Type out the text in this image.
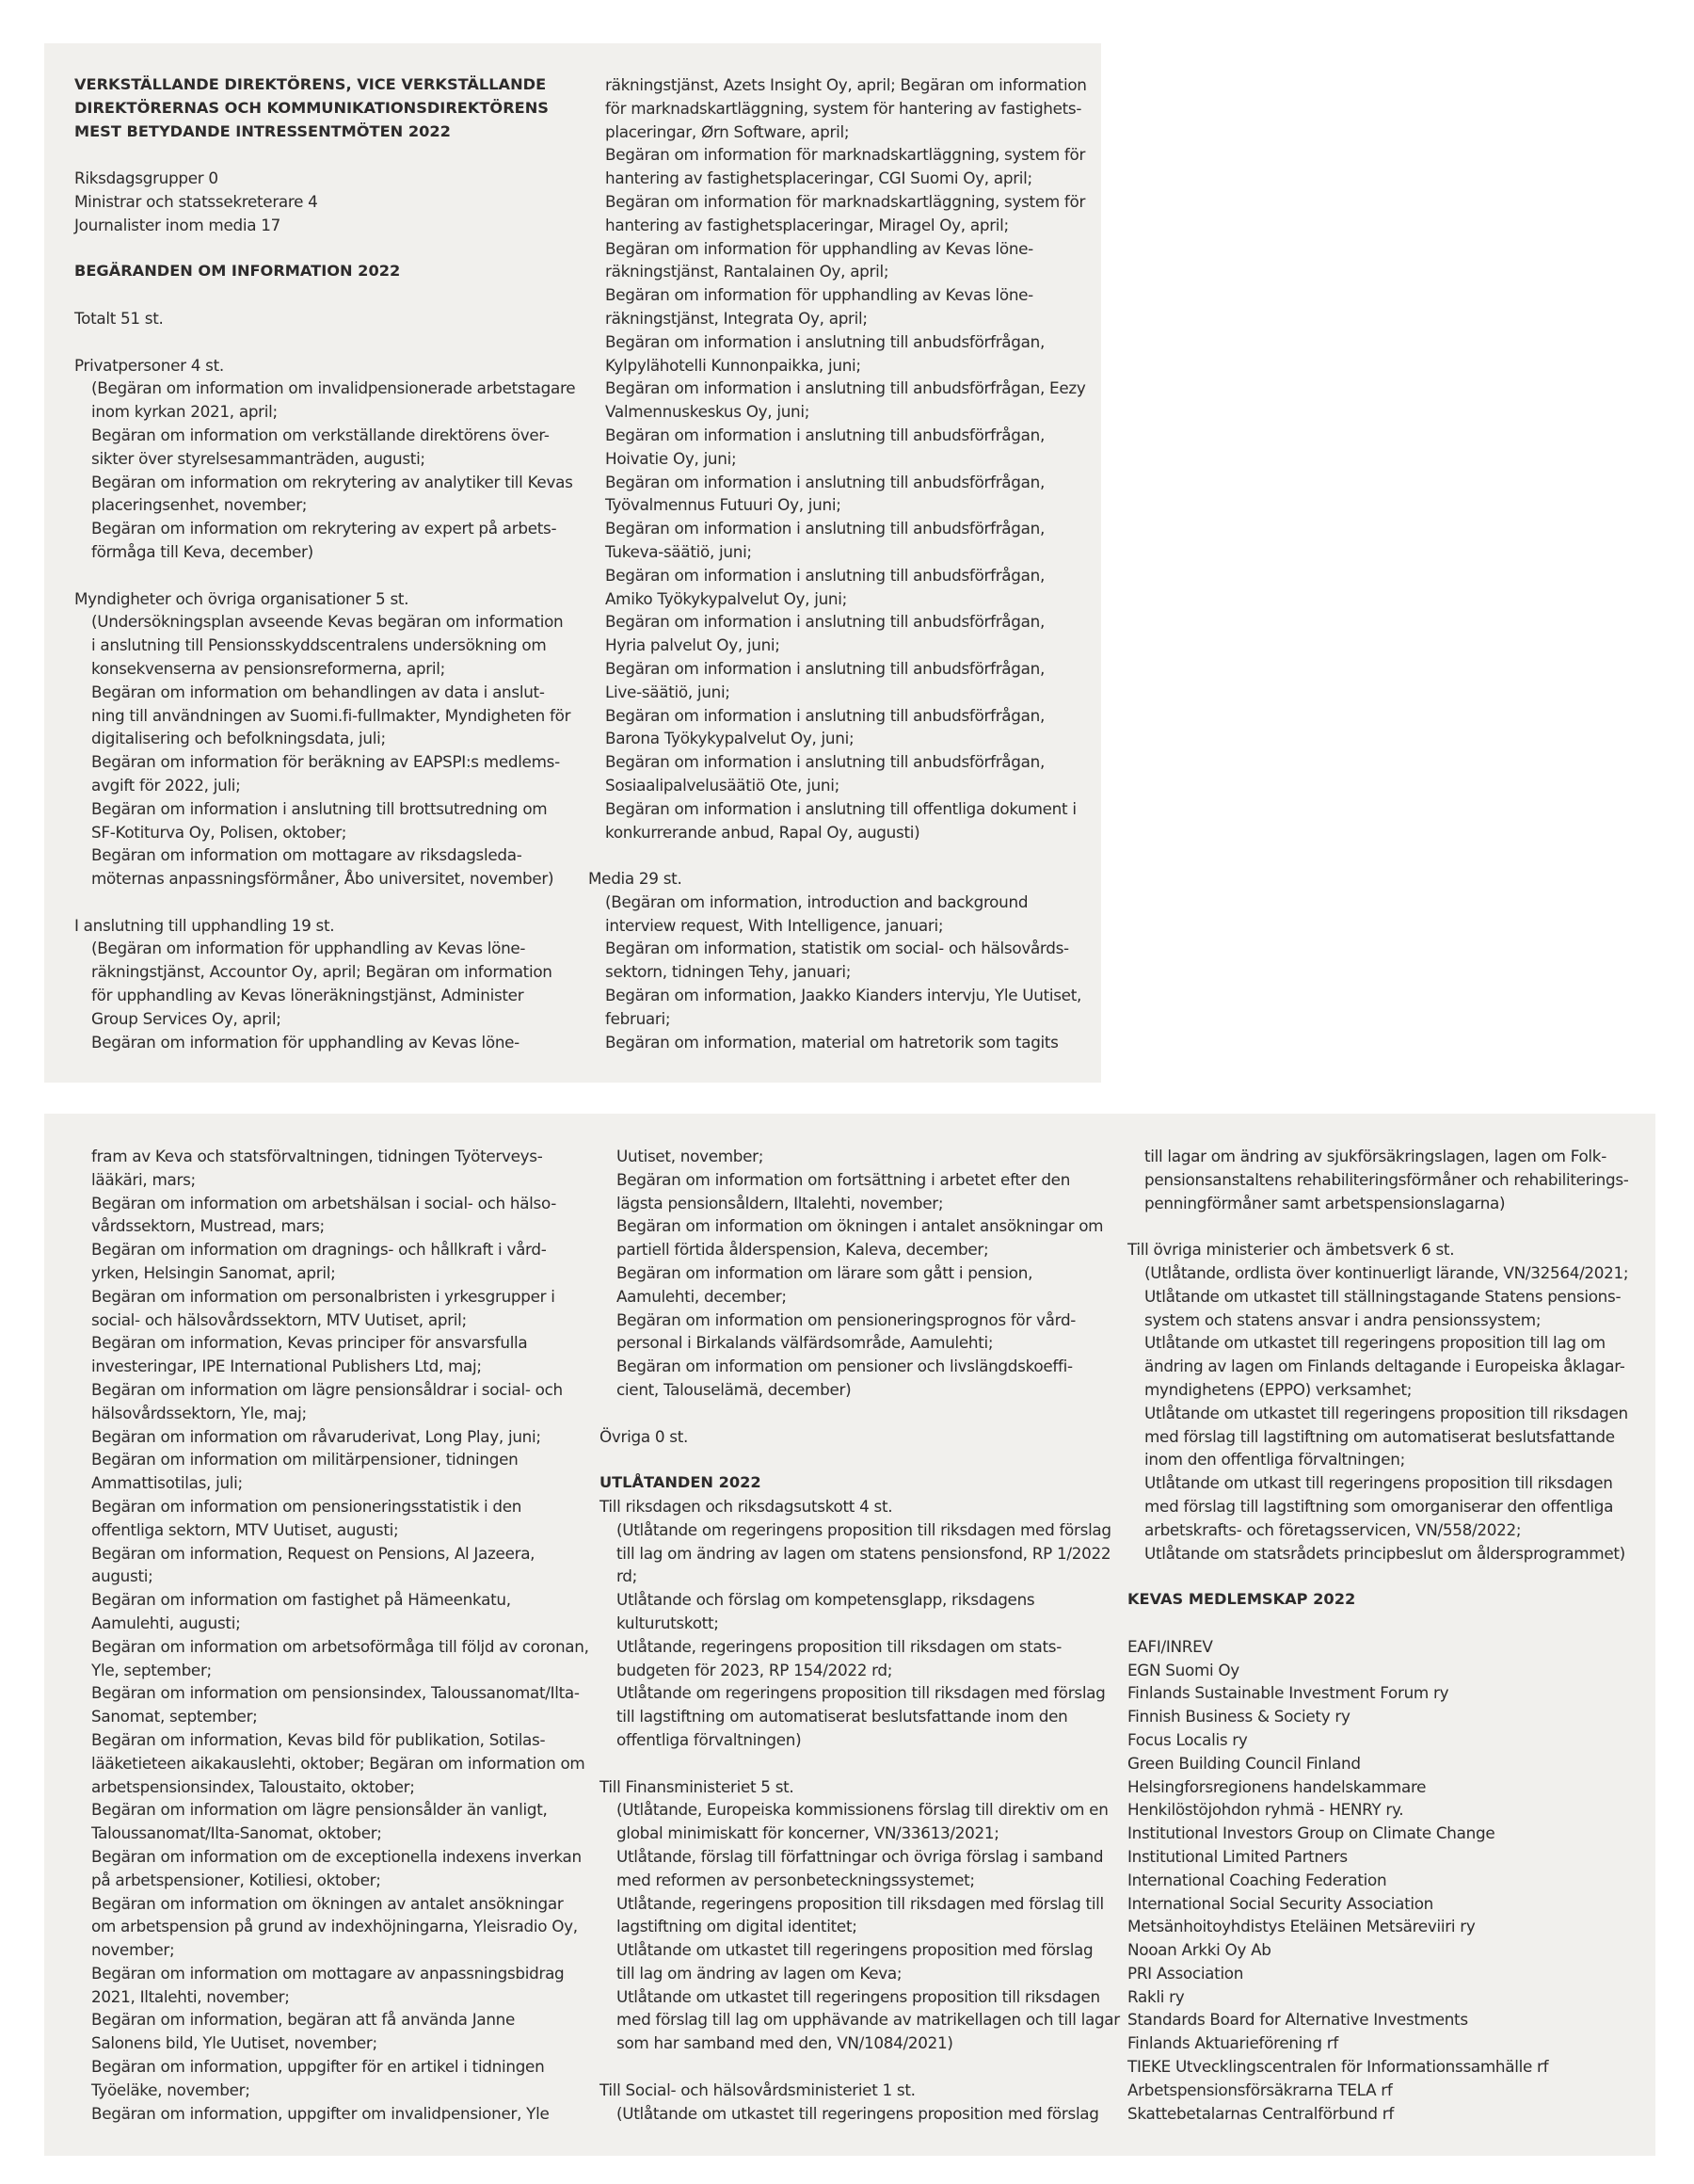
VERKSTÄLLANDE DIREKTÖRENS, VICE VERKSTÄLLANDE

DIREKTÖRERNAS OCH KOMMUNIKATIONSDIREKTÖRENS

MEST BETYDANDE INTRESSENTMÖTEN 2022

Riksdagsgrupper 0

Ministrar och statssekreterare 4

Journalister inom media 17

BEGÄRANDEN OM INFORMATION 2022

Totalt 51 st.

Privatpersoner 4 st.

(Begäran om information om invalidpensionerade arbetstagare

inom kyrkan 2021, april;

Begäran om information om verkställande direktörens över-

sikter över styrelsesammanträden, augusti;

Begäran om information om rekrytering av analytiker till Kevas

placeringsenhet, november;

Begäran om information om rekrytering av expert på arbets-

förmåga till Keva, december)

Myndigheter och övriga organisationer 5 st.

(Undersökningsplan avseende Kevas begäran om information

i anslutning till Pensionsskyddscentralens undersökning om

konsekvenserna av pensionsreformerna, april;

Begäran om information om behandlingen av data i anslut-

ning till användningen av Suomi.fi-fullmakter, Myndigheten för

digitalisering och befolkningsdata, juli;

Begäran om information för beräkning av EAPSPI:s medlems-

avgift för 2022, juli;

Begäran om information i anslutning till brottsutredning om

SF-Kotiturva Oy, Polisen, oktober;

Begäran om information om mottagare av riksdagsleda-

möternas anpassningsförmåner, Åbo universitet, november)

I anslutning till upphandling 19 st.

(Begäran om information för upphandling av Kevas löne-

räkningstjänst, Accountor Oy, april; Begäran om information

för upphandling av Kevas löneräkningstjänst, Administer

Group Services Oy, april;

Begäran om information för upphandling av Kevas löne-

räkningstjänst, Azets Insight Oy, april; Begäran om information

för marknadskartläggning, system för hantering av fastighets-

placeringar, Ørn Software, april;

Begäran om information för marknadskartläggning, system för

hantering av fastighetsplaceringar, CGI Suomi Oy, april;

Begäran om information för marknadskartläggning, system för

hantering av fastighetsplaceringar, Miragel Oy, april;

Begäran om information för upphandling av Kevas löne-

räkningstjänst, Rantalainen Oy, april;

Begäran om information för upphandling av Kevas löne-

räkningstjänst, Integrata Oy, april;

Begäran om information i anslutning till anbudsförfrågan,

Kylpylähotelli Kunnonpaikka, juni;

Begäran om information i anslutning till anbudsförfrågan, Eezy

Valmennuskeskus Oy, juni;

Begäran om information i anslutning till anbudsförfrågan,

Hoivatie Oy, juni;

Begäran om information i anslutning till anbudsförfrågan,

Työvalmennus Futuuri Oy, juni;

Begäran om information i anslutning till anbudsförfrågan,

Tukeva-säätiö, juni;

Begäran om information i anslutning till anbudsförfrågan,

Amiko Työkykypalvelut Oy, juni;

Begäran om information i anslutning till anbudsförfrågan,

Hyria palvelut Oy, juni;

Begäran om information i anslutning till anbudsförfrågan,

Live-säätiö, juni;

Begäran om information i anslutning till anbudsförfrågan,

Barona Työkykypalvelut Oy, juni;

Begäran om information i anslutning till anbudsförfrågan,

Sosiaalipalvelusäätiö Ote, juni;

Begäran om information i anslutning till offentliga dokument i

konkurrerande anbud, Rapal Oy, augusti)

Media 29 st.

(Begäran om information, introduction and background

interview request, With Intelligence, januari;

Begäran om information, statistik om social- och hälsovårds-

sektorn, tidningen Tehy, januari;

Begäran om information, Jaakko Kianders intervju, Yle Uutiset,

februari;

Begäran om information, material om hatretorik som tagits

fram av Keva och statsförvaltningen, tidningen Työterveys-

lääkäri, mars;

Begäran om information om arbetshälsan i social- och hälso-

vårdssektorn, Mustread, mars;

Begäran om information om dragnings- och hållkraft i vård-

yrken, Helsingin Sanomat, april;

Begäran om information om personalbristen i yrkesgrupper i

social- och hälsovårdssektorn, MTV Uutiset, april;

Begäran om information, Kevas principer för ansvarsfulla

investeringar, IPE International Publishers Ltd, maj;

Begäran om information om lägre pensionsåldrar i social- och

hälsovårdssektorn, Yle, maj;

Begäran om information om råvaruderivat, Long Play, juni;

Begäran om information om militärpensioner, tidningen

Ammattisotilas, juli;

Begäran om information om pensioneringsstatistik i den

offentliga sektorn, MTV Uutiset, augusti;

Begäran om information, Request on Pensions, Al Jazeera,

augusti;

Begäran om information om fastighet på Hämeenkatu,

Aamulehti, augusti;

Begäran om information om arbetsoförmåga till följd av coronan,

Yle, september;

Begäran om information om pensionsindex, Taloussanomat/Ilta-

Sanomat, september;

Begäran om information, Kevas bild för publikation, Sotilas-

lääketieteen aikakauslehti, oktober; Begäran om information om

arbetspensionsindex, Taloustaito, oktober;

Begäran om information om lägre pensionsålder än vanligt,

Taloussanomat/Ilta-Sanomat, oktober;

Begäran om information om de exceptionella indexens inverkan

på arbetspensioner, Kotiliesi, oktober;

Begäran om information om ökningen av antalet ansökningar

om arbetspension på grund av indexhöjningarna, Yleisradio Oy,

november;

Begäran om information om mottagare av anpassningsbidrag

2021, Iltalehti, november;

Begäran om information, begäran att få använda Janne

Salonens bild, Yle Uutiset, november;

Begäran om information, uppgifter för en artikel i tidningen

Työeläke, november;

Begäran om information, uppgifter om invalidpensioner, Yle

Uutiset, november;

Begäran om information om fortsättning i arbetet efter den

lägsta pensionsåldern, Iltalehti, november;

Begäran om information om ökningen i antalet ansökningar om

partiell förtida ålderspension, Kaleva, december;

Begäran om information om lärare som gått i pension,

Aamulehti, december;

Begäran om information om pensioneringsprognos för vård-

personal i Birkalands välfärdsområde, Aamulehti;

Begäran om information om pensioner och livslängdskoeffi-

cient, Talouselämä, december)

Övriga 0 st.

UTLÅTANDEN 2022

Till riksdagen och riksdagsutskott 4 st.

(Utlåtande om regeringens proposition till riksdagen med förslag

till lag om ändring av lagen om statens pensionsfond, RP 1/2022

rd;

Utlåtande och förslag om kompetensglapp, riksdagens

kulturutskott;

Utlåtande, regeringens proposition till riksdagen om stats-

budgeten för 2023, RP 154/2022 rd;

Utlåtande om regeringens proposition till riksdagen med förslag

till lagstiftning om automatiserat beslutsfattande inom den

offentliga förvaltningen)

Till Finansministeriet 5 st.

(Utlåtande, Europeiska kommissionens förslag till direktiv om en

global minimiskatt för koncerner, VN/33613/2021;

Utlåtande, förslag till författningar och övriga förslag i samband

med reformen av personbeteckningssystemet;

Utlåtande, regeringens proposition till riksdagen med förslag till

lagstiftning om digital identitet;

Utlåtande om utkastet till regeringens proposition med förslag

till lag om ändring av lagen om Keva;

Utlåtande om utkastet till regeringens proposition till riksdagen

med förslag till lag om upphävande av matrikellagen och till lagar

som har samband med den, VN/1084/2021)

Till Social- och hälsovårdsministeriet 1 st.

(Utlåtande om utkastet till regeringens proposition med förslag

till lagar om ändring av sjukförsäkringslagen, lagen om Folk-

pensionsanstaltens rehabiliteringsförmåner och rehabiliterings-

penningförmåner samt arbetspensionslagarna)

Till övriga ministerier och ämbetsverk 6 st.

(Utlåtande, ordlista över kontinuerligt lärande, VN/32564/2021;

Utlåtande om utkastet till ställningstagande Statens pensions-

system och statens ansvar i andra pensionssystem;

Utlåtande om utkastet till regeringens proposition till lag om

ändring av lagen om Finlands deltagande i Europeiska åklagar-

myndighetens (EPPO) verksamhet;

Utlåtande om utkastet till regeringens proposition till riksdagen

med förslag till lagstiftning om automatiserat beslutsfattande

inom den offentliga förvaltningen;

Utlåtande om utkast till regeringens proposition till riksdagen

med förslag till lagstiftning som omorganiserar den offentliga

arbetskrafts- och företagsservicen, VN/558/2022;

Utlåtande om statsrådets principbeslut om åldersprogrammet)

KEVAS MEDLEMSKAP 2022

EAFI/INREV

EGN Suomi Oy

Finlands Sustainable Investment Forum ry

Finnish Business & Society ry

Focus Localis ry

Green Building Council Finland

Helsingforsregionens handelskammare

Henkilöstöjohdon ryhmä - HENRY ry.

Institutional Investors Group on Climate Change

Institutional Limited Partners

International Coaching Federation

International Social Security Association

Metsänhoitoyhdistys Eteläinen Metsäreviiri ry

Nooan Arkki Oy Ab

PRI Association

Rakli ry

Standards Board for Alternative Investments

Finlands Aktuarieförening rf

TIEKE Utvecklingscentralen för Informationssamhälle rf

Arbetspensionsförsäkrarna TELA rf

Skattebetalarnas Centralförbund rf
